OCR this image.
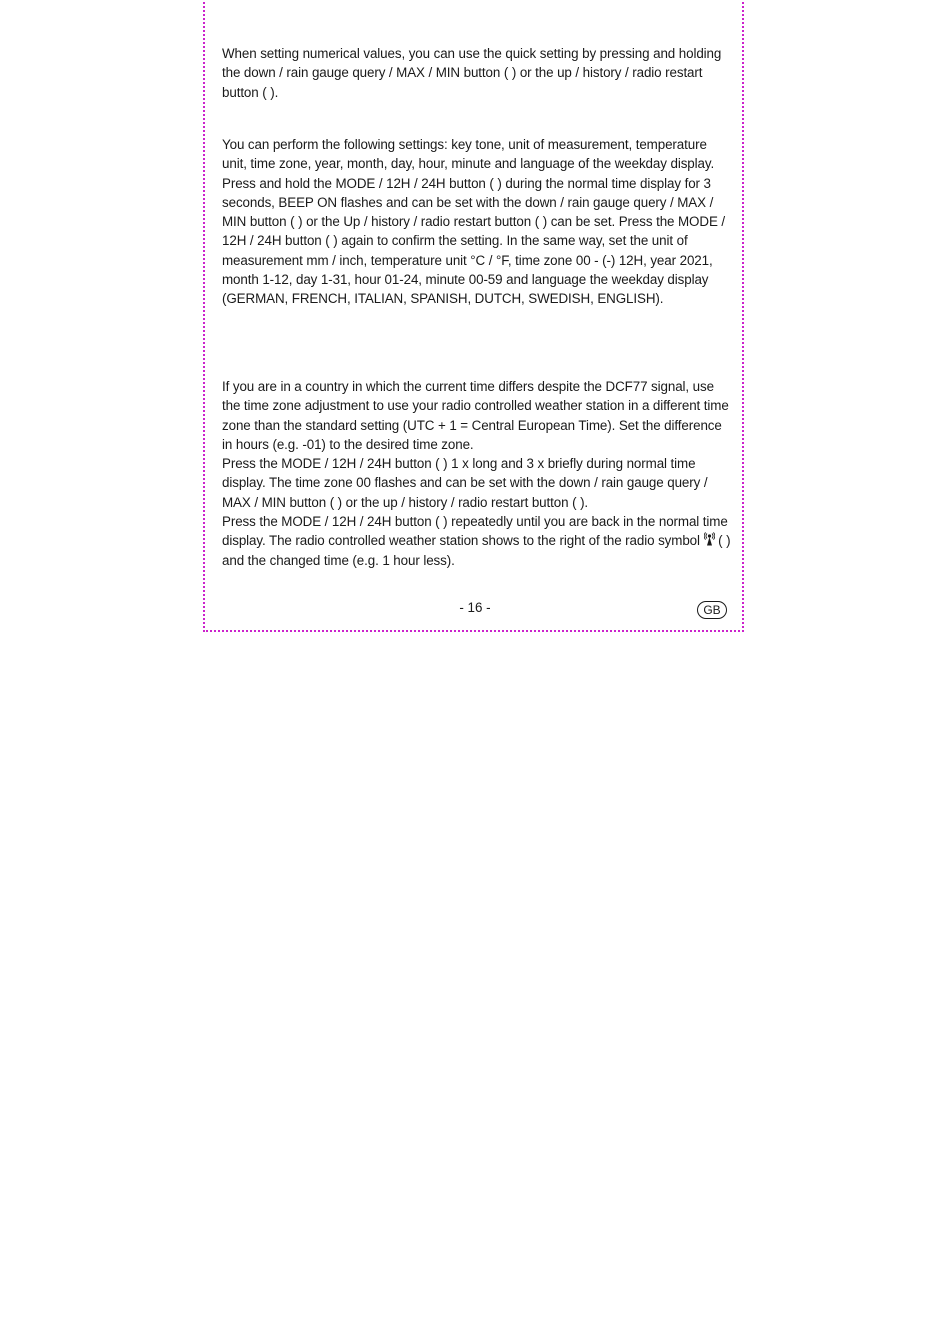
When setting numerical values, you can use the quick setting by pressing and holding the down / rain gauge query / MAX / MIN button ( ) or the up / history / radio restart button ( ).

You can perform the following settings: key tone, unit of measurement, temperature unit, time zone, year, month, day, hour, minute and language of the weekday display.

Press and hold the MODE / 12H / 24H button ( ) during the normal time display for 3 seconds, BEEP ON flashes and can be set with the down / rain gauge query / MAX / MIN button ( ) or the Up / history / radio restart button ( ) can be set. Press the MODE / 12H / 24H button ( ) again to confirm the setting. In the same way, set the unit of measurement mm / inch, temperature unit °C / °F, time zone 00 - (-) 12H, year 2021, month 1-12, day 1-31, hour 01-24, minute 00-59 and language the weekday display (GERMAN, FRENCH, ITALIAN, SPANISH, DUTCH, SWEDISH, ENGLISH).

If you are in a country in which the current time differs despite the DCF77 signal, use the time zone adjustment to use your radio controlled weather station in a different time zone than the standard setting (UTC + 1 = Central European Time). Set the difference in hours (e.g. -01) to the desired time zone.

Press the MODE / 12H / 24H button ( ) 1 x long and 3 x briefly during normal time display. The time zone 00 flashes and can be set with the down / rain gauge query / MAX / MIN button ( ) or the up / history / radio restart button ( ).

Press the MODE / 12H / 24H button ( ) repeatedly until you are back in the normal time display. The radio controlled weather station shows to the right of the radio symbol  ( ) and the changed time (e.g. 1 hour less).

- 16 -	GB
